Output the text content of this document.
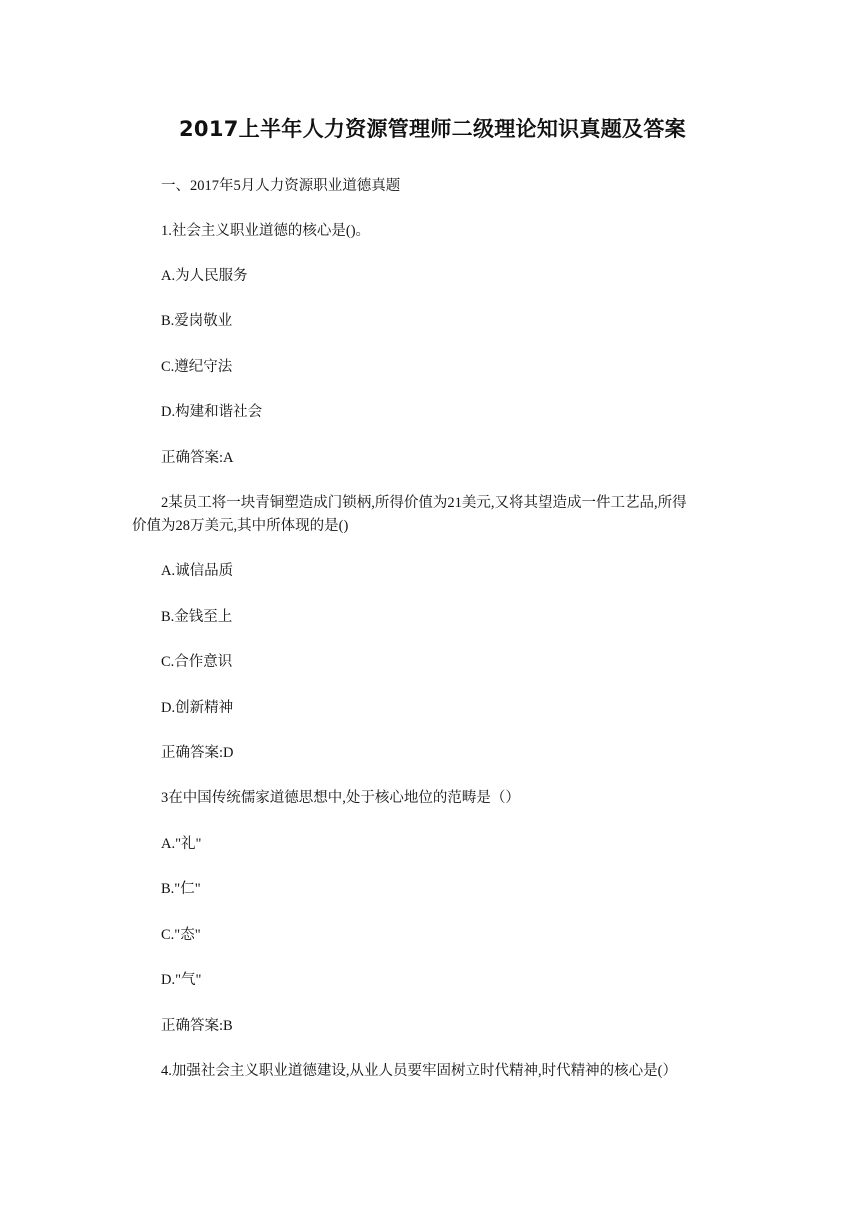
2017上半年人力资源管理师二级理论知识真题及答案

一、2017年5月人力资源职业道德真题

1.社会主义职业道德的核心是()。

A.为人民服务

B.爱岗敬业

C.遵纪守法

D.构建和谐社会

正确答案:A

2某员工将一块青铜塑造成门锁柄,所得价值为21美元,又将其望造成一件工艺品,所得

价值为28万美元,其中所体现的是()

A.诚信品质

B.金钱至上

C.合作意识

D.创新精神

正确答案:D

3在中国传统儒家道德思想中,处于核心地位的范畴是（）

A."礼"

B."仁"

C."态"

D."气"

正确答案:B

4.加强社会主义职业道德建设,从业人员要牢固树立时代精神,时代精神的核心是(）
